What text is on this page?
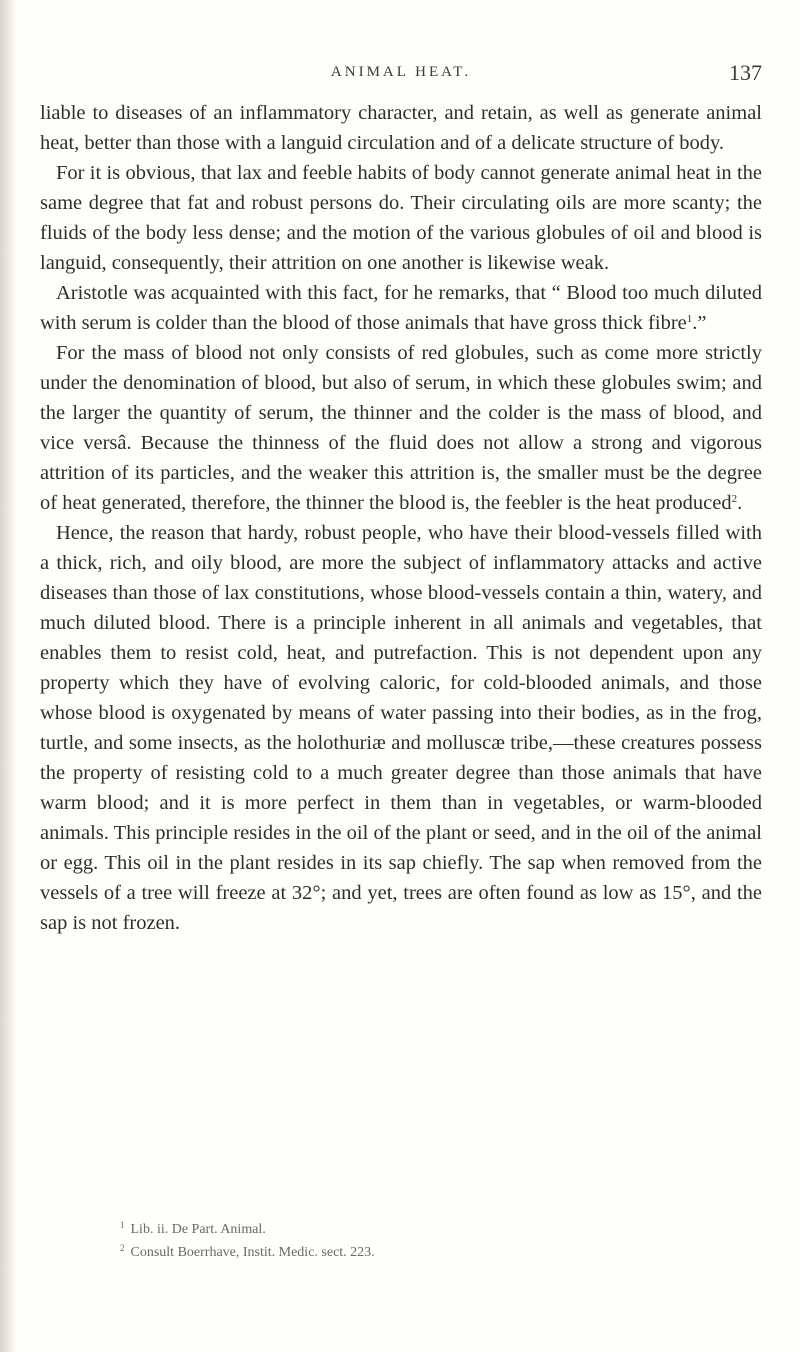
ANIMAL HEAT.	137

liable to diseases of an inflammatory character, and retain, as well as generate animal heat, better than those with a languid circulation and of a delicate structure of body.

For it is obvious, that lax and feeble habits of body cannot generate animal heat in the same degree that fat and robust persons do. Their circulating oils are more scanty; the fluids of the body less dense; and the motion of the various globules of oil and blood is languid, consequently, their attrition on one another is likewise weak.

Aristotle was acquainted with this fact, for he remarks, that “ Blood too much diluted with serum is colder than the blood of those animals that have gross thick fibre$^1$.”

For the mass of blood not only consists of red globules, such as come more strictly under the denomination of blood, but also of serum, in which these globules swim; and the larger the quantity of serum, the thinner and the colder is the mass of blood, and vice versâ. Because the thinness of the fluid does not allow a strong and vigorous attrition of its particles, and the weaker this attrition is, the smaller must be the degree of heat generated, therefore, the thinner the blood is, the feebler is the heat produced$^2$.

Hence, the reason that hardy, robust people, who have their blood-vessels filled with a thick, rich, and oily blood, are more the subject of inflammatory attacks and active diseases than those of lax constitutions, whose blood-vessels contain a thin, watery, and much diluted blood. There is a principle inherent in all animals and vegetables, that enables them to resist cold, heat, and putrefaction. This is not dependent upon any property which they have of evolving caloric, for cold-blooded animals, and those whose blood is oxygenated by means of water passing into their bodies, as in the frog, turtle, and some insects, as the holothuriæ and molluscæ tribe,—these creatures possess the property of resisting cold to a much greater degree than those animals that have warm blood; and it is more perfect in them than in vegetables, or warm-blooded animals. This principle resides in the oil of the plant or seed, and in the oil of the animal or egg. This oil in the plant resides in its sap chiefly. The sap when removed from the vessels of a tree will freeze at 32°; and yet, trees are often found as low as 15°, and the sap is not frozen.

$^1$ Lib. ii. De Part. Animal.
$^2$ Consult Boerrhave, Instit. Medic. sect. 223.
